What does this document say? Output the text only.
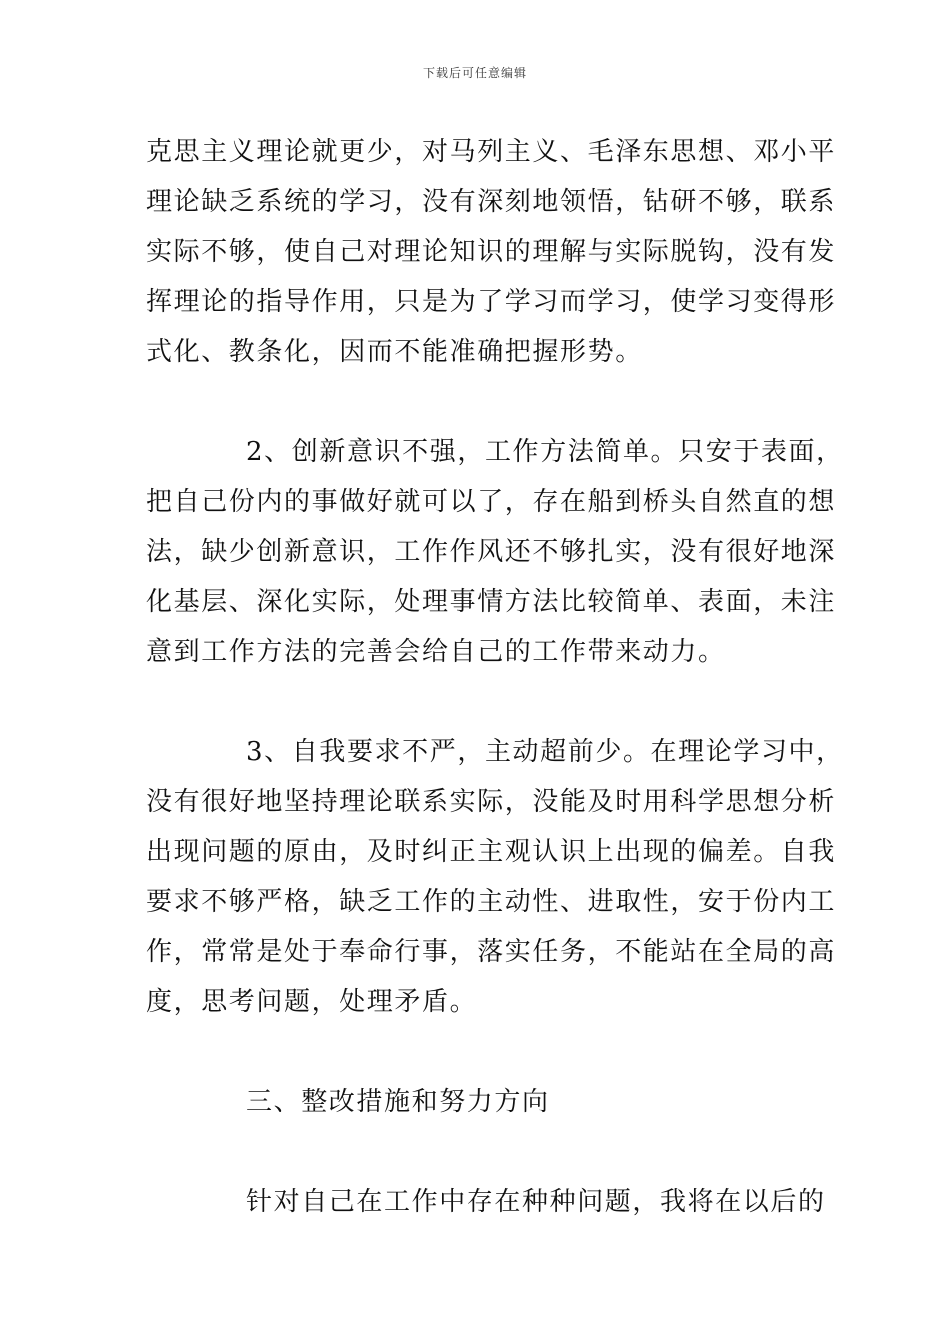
下载后可任意编辑
克思主义理论就更少，对马列主义、毛泽东思想、邓小平
理论缺乏系统的学习，没有深刻地领悟，钻研不够，联系
实际不够，使自己对理论知识的理解与实际脱钩，没有发
挥理论的指导作用，只是为了学习而学习，使学习变得形
式化、教条化，因而不能准确把握形势。
2、创新意识不强，工作方法简单。只安于表面，
把自己份内的事做好就可以了，存在船到桥头自然直的想
法，缺少创新意识，工作作风还不够扎实，没有很好地深
化基层、深化实际，处理事情方法比较简单、表面，未注
意到工作方法的完善会给自己的工作带来动力。
3、自我要求不严，主动超前少。在理论学习中，
没有很好地坚持理论联系实际，没能及时用科学思想分析
出现问题的原由，及时纠正主观认识上出现的偏差。自我
要求不够严格，缺乏工作的主动性、进取性，安于份内工
作，常常是处于奉命行事，落实任务，不能站在全局的高
度，思考问题，处理矛盾。
三、整改措施和努力方向
针对自己在工作中存在种种问题，我将在以后的
